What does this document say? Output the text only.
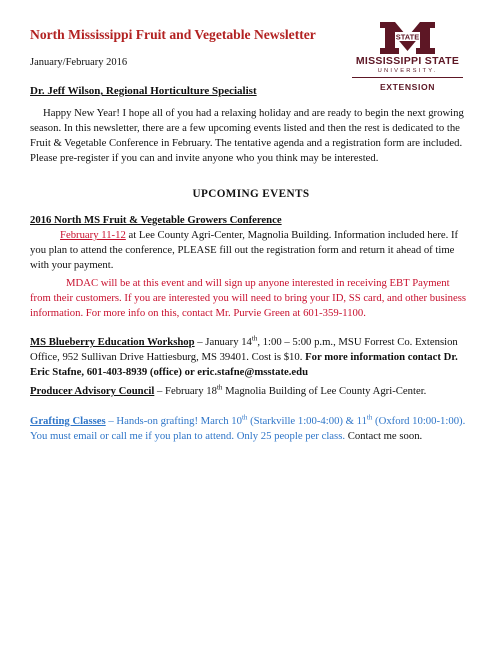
North Mississippi Fruit and Vegetable Newsletter
January/February 2016
STATE
MISSISSIPPI STATE
UNIVERSITY.
EXTENSION
Dr. Jeff Wilson, Regional Horticulture Specialist
Happy New Year! I hope all of you had a relaxing holiday and are ready to begin the next growing season. In this newsletter, there are a few upcoming events listed and then the rest is dedicated to the Fruit & Vegetable Conference in February. The tentative agenda and a registration form are included. Please pre-register if you can and invite anyone who you think may be interested.
UPCOMING EVENTS
2016 North MS Fruit & Vegetable Growers Conference
February 11-12 at Lee County Agri-Center, Magnolia Building. Information included here. If you plan to attend the conference, PLEASE fill out the registration form and return it ahead of time with your payment.
MDAC will be at this event and will sign up anyone interested in receiving EBT Payment from their customers. If you are interested you will need to bring your ID, SS card, and other business information. For more info on this, contact Mr. Purvie Green at 601-359-1100.
MS Blueberry Education Workshop – January 14th, 1:00 – 5:00 p.m., MSU Forrest Co. Extension Office, 952 Sullivan Drive Hattiesburg, MS 39401. Cost is $10. For more information contact Dr. Eric Stafne, 601-403-8939 (office) or eric.stafne@msstate.edu
Producer Advisory Council – February 18th Magnolia Building of Lee County Agri-Center.
Grafting Classes – Hands-on grafting! March 10th (Starkville 1:00-4:00) & 11th (Oxford 10:00-1:00). You must email or call me if you plan to attend. Only 25 people per class. Contact me soon.
